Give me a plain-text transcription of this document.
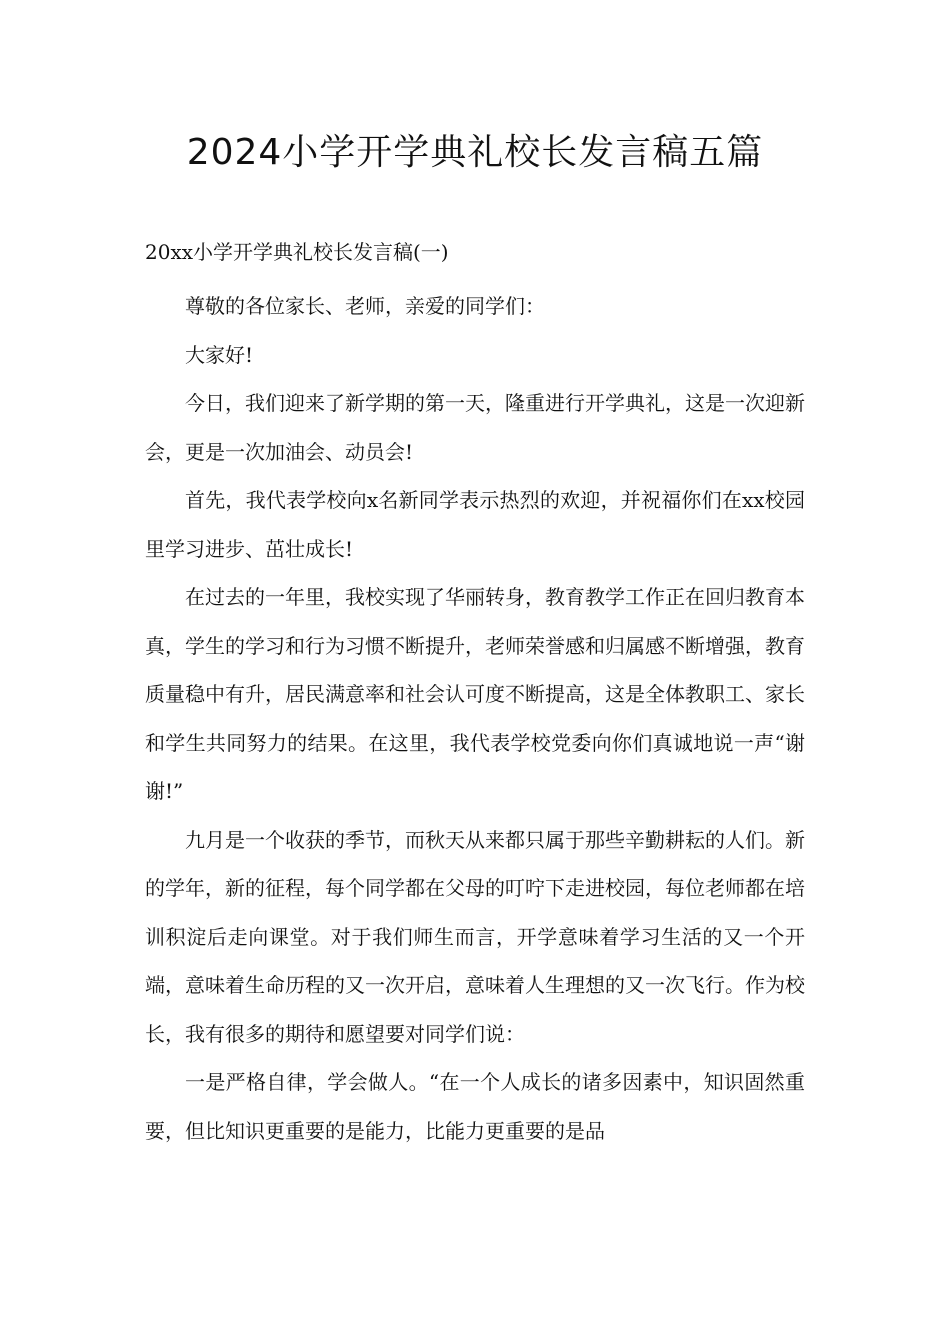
2024小学开学典礼校长发言稿五篇
20xx小学开学典礼校长发言稿(一)

尊敬的各位家长、老师，亲爱的同学们：

大家好!

今日，我们迎来了新学期的第一天，隆重进行开学典礼，这是一次迎新会，更是一次加油会、动员会!

首先，我代表学校向x名新同学表示热烈的欢迎，并祝福你们在xx校园里学习进步、茁壮成长!

在过去的一年里，我校实现了华丽转身，教育教学工作正在回归教育本真，学生的学习和行为习惯不断提升，老师荣誉感和归属感不断增强，教育质量稳中有升，居民满意率和社会认可度不断提高，这是全体教职工、家长和学生共同努力的结果。在这里，我代表学校党委向你们真诚地说一声“谢谢!”

九月是一个收获的季节，而秋天从来都只属于那些辛勤耕耘的人们。新的学年，新的征程，每个同学都在父母的叮咛下走进校园，每位老师都在培训积淀后走向课堂。对于我们师生而言，开学意味着学习生活的又一个开端，意味着生命历程的又一次开启，意味着人生理想的又一次飞行。作为校长，我有很多的期待和愿望要对同学们说：

一是严格自律，学会做人。“在一个人成长的诸多因素中，知识固然重要，但比知识更重要的是能力，比能力更重要的是品
